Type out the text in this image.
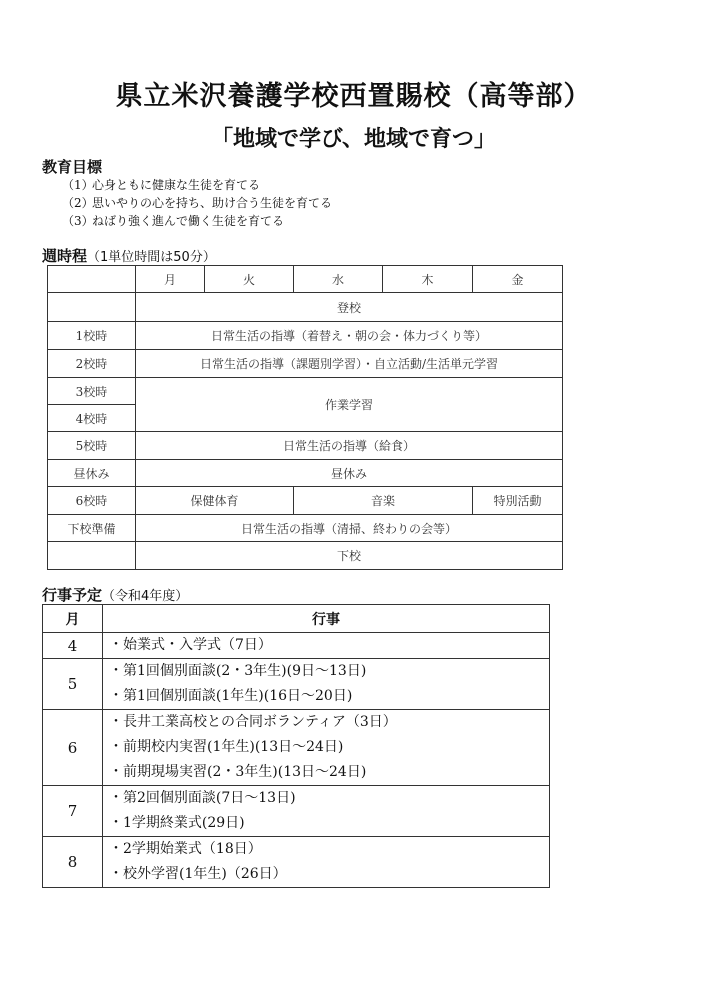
県立米沢養護学校西置賜校（高等部）
「地域で学び、地域で育つ」
教育目標
（1）心身ともに健康な生徒を育てる
（2）思いやりの心を持ち、助け合う生徒を育てる
（3）ねばり強く進んで働く生徒を育てる
週時程（1単位時間は50分）
	月	火	水	木	金
	登校				
1校時	日常生活の指導（着替え・朝の会・体力づくり等）				
2校時	日常生活の指導（課題別学習）・自立活動/生活単元学習				
3校時	作業学習				
4校時					
5校時	日常生活の指導（給食）				
昼休み	昼休み				
6校時	保健体育		音楽		特別活動
下校準備	日常生活の指導（清掃、終わりの会等）				
	下校				
行事予定（令和4年度）
月	行事
4	・始業式・入学式（7日）

5	・第1回個別面談(2・3年生)(9日～13日)
・第1回個別面談(1年生)(16日～20日)

6	・長井工業高校との合同ボランティア（3日）
・前期校内実習(1年生)(13日～24日)
・前期現場実習(2・3年生)(13日～24日)

7	・第2回個別面談(7日～13日)
・1学期終業式(29日)

8	・2学期始業式（18日）
・校外学習(1年生)（26日）
